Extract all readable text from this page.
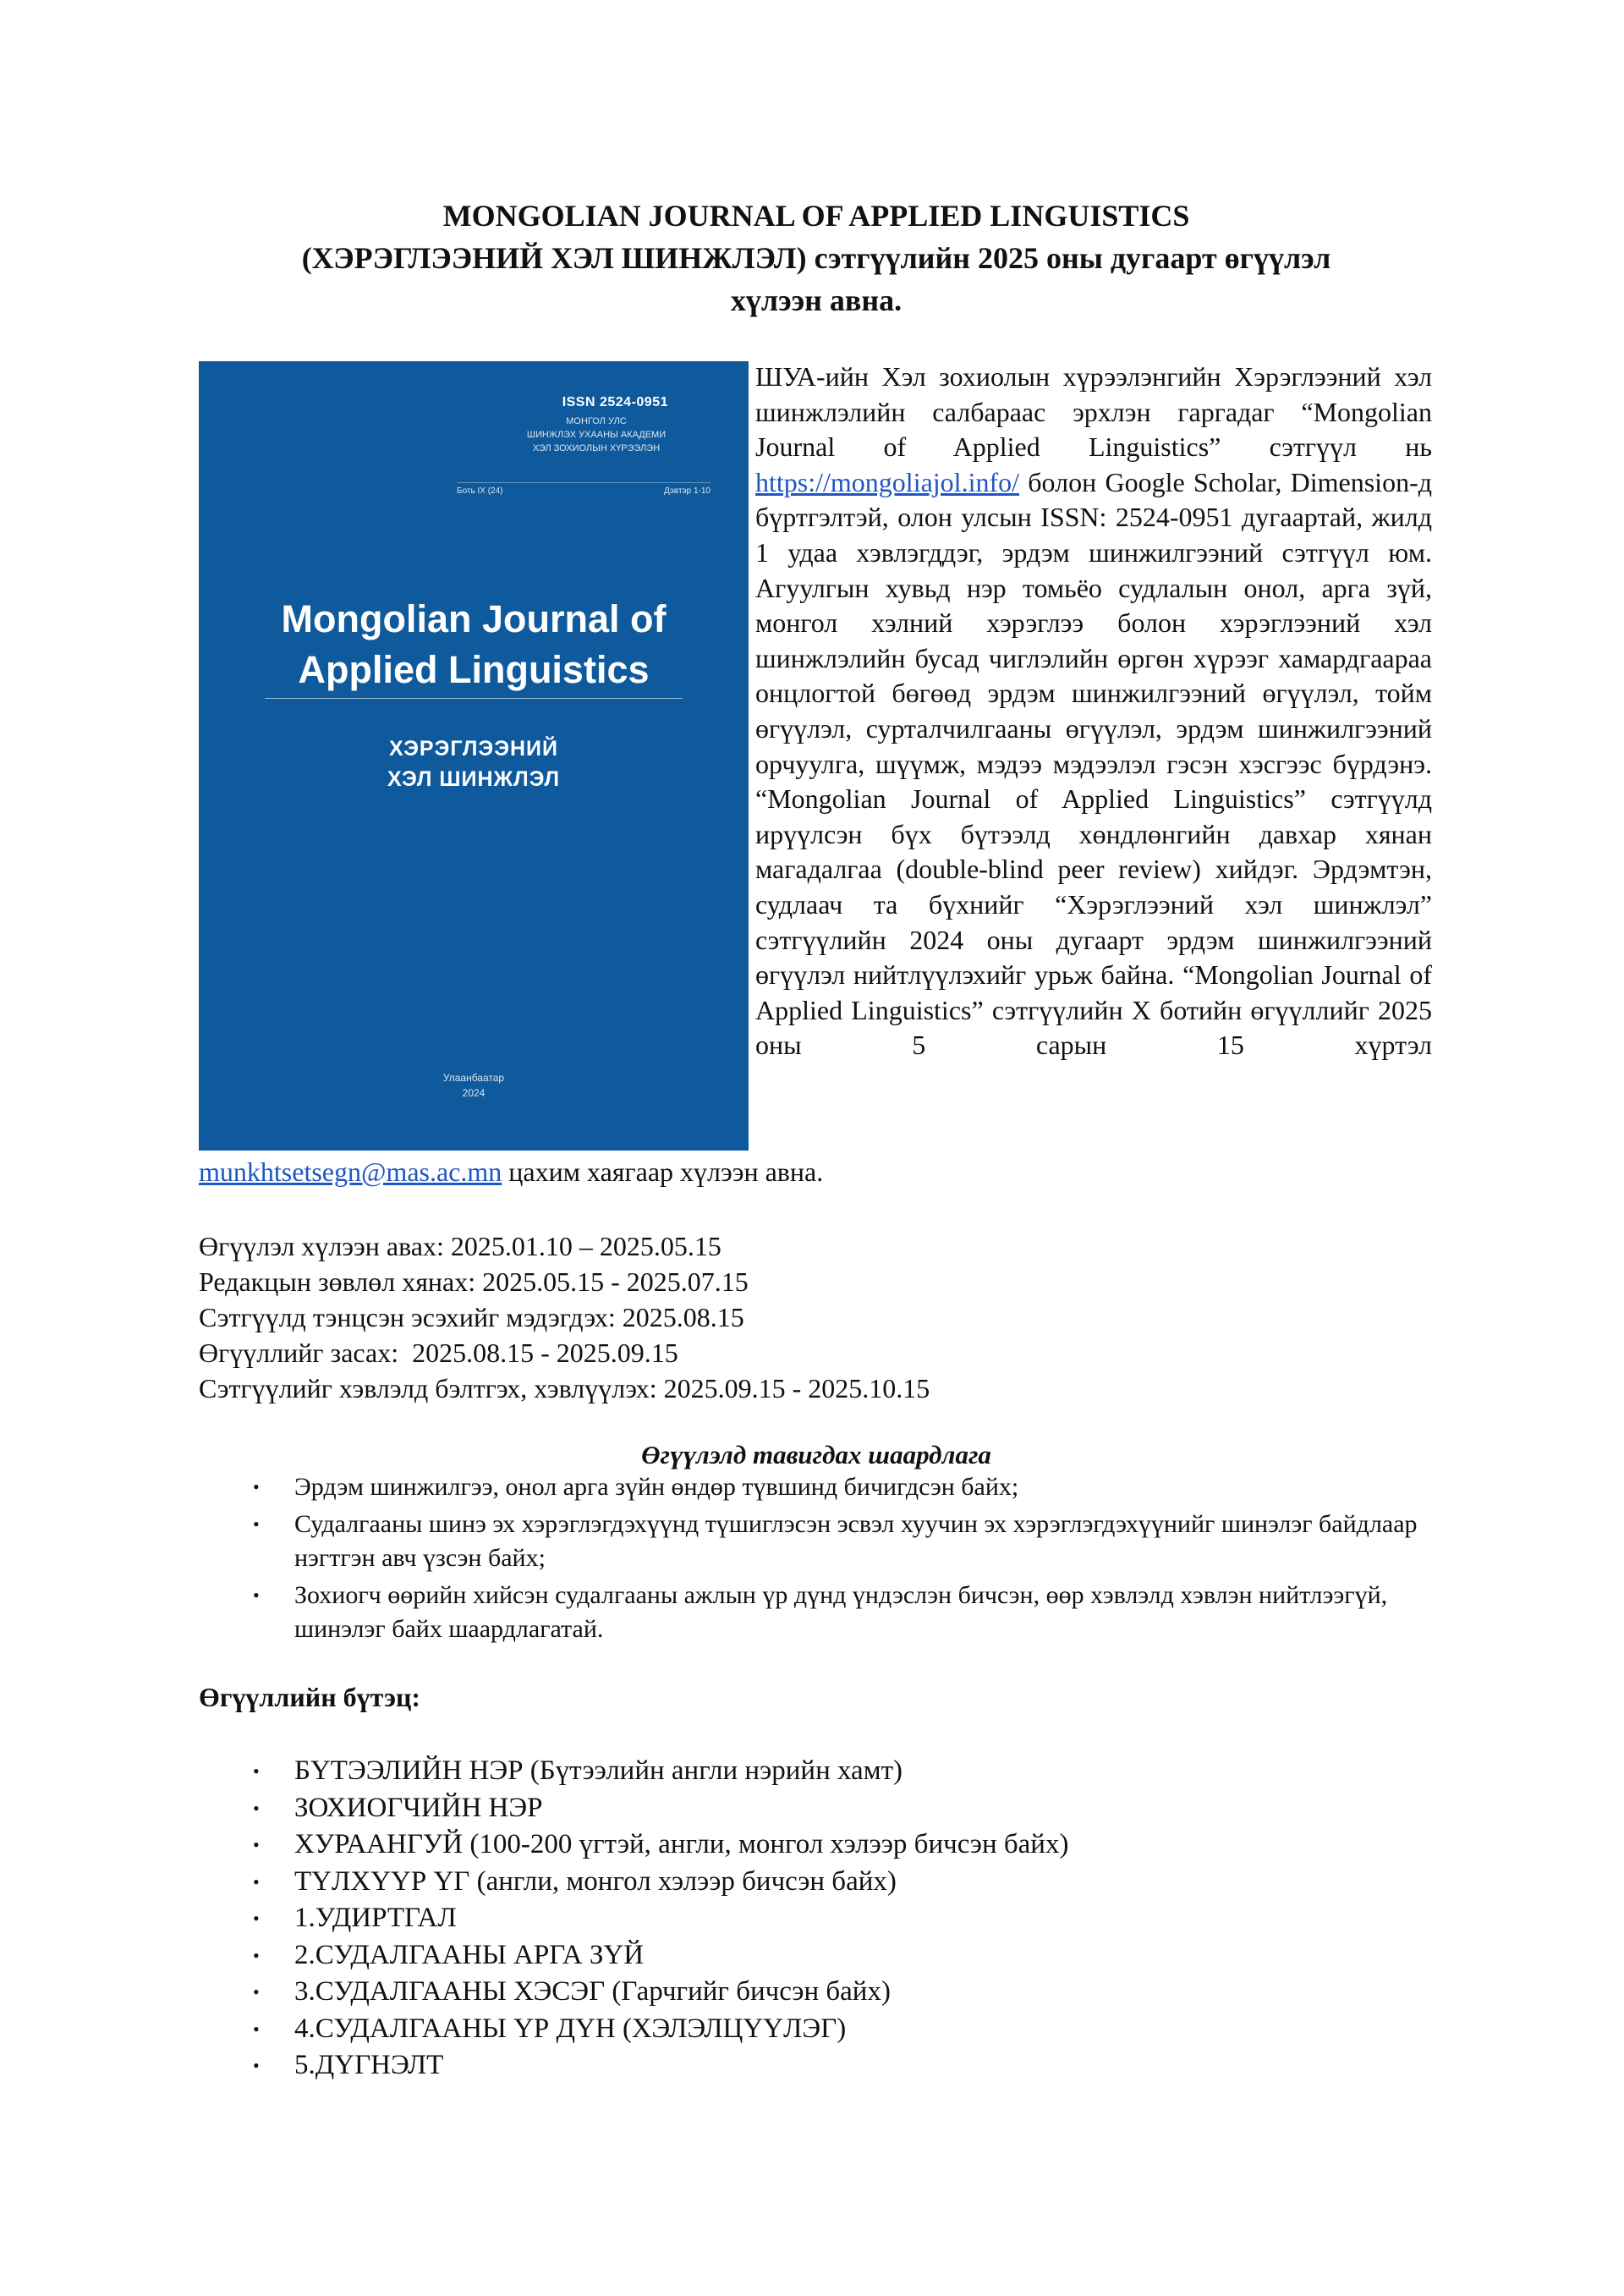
MONGOLIAN JOURNAL OF APPLIED LINGUISTICS
(ХЭРЭГЛЭЭНИЙ ХЭЛ ШИНЖЛЭЛ) сэтгүүлийн 2025 оны дугаарт өгүүлэл
хүлээн авна.
ISSN 2524-0951
МОНГОЛ УЛС
ШИНЖЛЭХ УХААНЫ АКАДЕМИ
ХЭЛ ЗОХИОЛЫН ХҮРЭЭЛЭН
Боть IX (24)	Дэвтэр 1-10
Mongolian Journal of
Applied Linguistics
ХЭРЭГЛЭЭНИЙ
ХЭЛ ШИНЖЛЭЛ
Улаанбаатар
2024
ШУА-ийн Хэл зохиолын хүрээлэнгийн Хэрэглээний хэл шинжлэлийн салбараас эрхлэн гаргадаг “Mongolian Journal of Applied Linguistics” сэтгүүл нь https://mongoliajol.info/ болон Google Scholar, Dimension-д бүртгэлтэй, олон улсын ISSN: 2524-0951 дугаартай, жилд 1 удаа хэвлэгддэг, эрдэм шинжилгээний сэтгүүл юм. Агуулгын хувьд нэр томьёо судлалын онол, арга зүй, монгол хэлний хэрэглээ болон хэрэглээний хэл шинжлэлийн бусад чиглэлийн өргөн хүрээг хамардгаараа онцлогтой бөгөөд эрдэм шинжилгээний өгүүлэл, тойм өгүүлэл, сурталчилгааны өгүүлэл, эрдэм шинжилгээний орчуулга, шүүмж, мэдээ мэдээлэл гэсэн хэсгээс бүрдэнэ. “Mongolian Journal of Applied Linguistics” сэтгүүлд ирүүлсэн бүх бүтээлд хөндлөнгийн давхар хянан магадалгаа (double-blind peer review) хийдэг. Эрдэмтэн, судлаач та бүхнийг “Хэрэглээний хэл шинжлэл” сэтгүүлийн 2024 оны дугаарт эрдэм шинжилгээний өгүүлэл нийтлүүлэхийг урьж байна. “Mongolian Journal of Applied Linguistics” сэтгүүлийн X ботийн өгүүллийг 2025 оны 5 сарын 15 хүртэл
munkhtsetsegn@mas.ac.mn цахим хаягаар хүлээн авна.
Өгүүлэл хүлээн авах: 2025.01.10 – 2025.05.15
Редакцын зөвлөл хянах: 2025.05.15 - 2025.07.15
Сэтгүүлд тэнцсэн эсэхийг мэдэгдэх: 2025.08.15
Өгүүллийг засах:  2025.08.15 - 2025.09.15
Сэтгүүлийг хэвлэлд бэлтгэх, хэвлүүлэх: 2025.09.15 - 2025.10.15
Өгүүлэлд тавигдах шаардлага
• Эрдэм шинжилгээ, онол арга зүйн өндөр түвшинд бичигдсэн байх;
• Судалгааны шинэ эх хэрэглэгдэхүүнд түшиглэсэн эсвэл хуучин эх хэрэглэгдэхүүнийг шинэлэг байдлаар нэгтгэн авч үзсэн байх;
• Зохиогч өөрийн хийсэн судалгааны ажлын үр дүнд үндэслэн бичсэн, өөр хэвлэлд хэвлэн нийтлээгүй, шинэлэг байх шаардлагатай.
Өгүүллийн бүтэц:
• БҮТЭЭЛИЙН НЭР (Бүтээлийн англи нэрийн хамт)
• ЗОХИОГЧИЙН НЭР
• ХУРААНГУЙ (100-200 үгтэй, англи, монгол хэлээр бичсэн байх)
• ТҮЛХҮҮР ҮГ (англи, монгол хэлээр бичсэн байх)
• 1.УДИРТГАЛ
• 2.СУДАЛГААНЫ АРГА ЗҮЙ
• 3.СУДАЛГААНЫ ХЭСЭГ (Гарчгийг бичсэн байх)
• 4.СУДАЛГААНЫ ҮР ДҮН (ХЭЛЭЛЦҮҮЛЭГ)
• 5.ДҮГНЭЛТ
